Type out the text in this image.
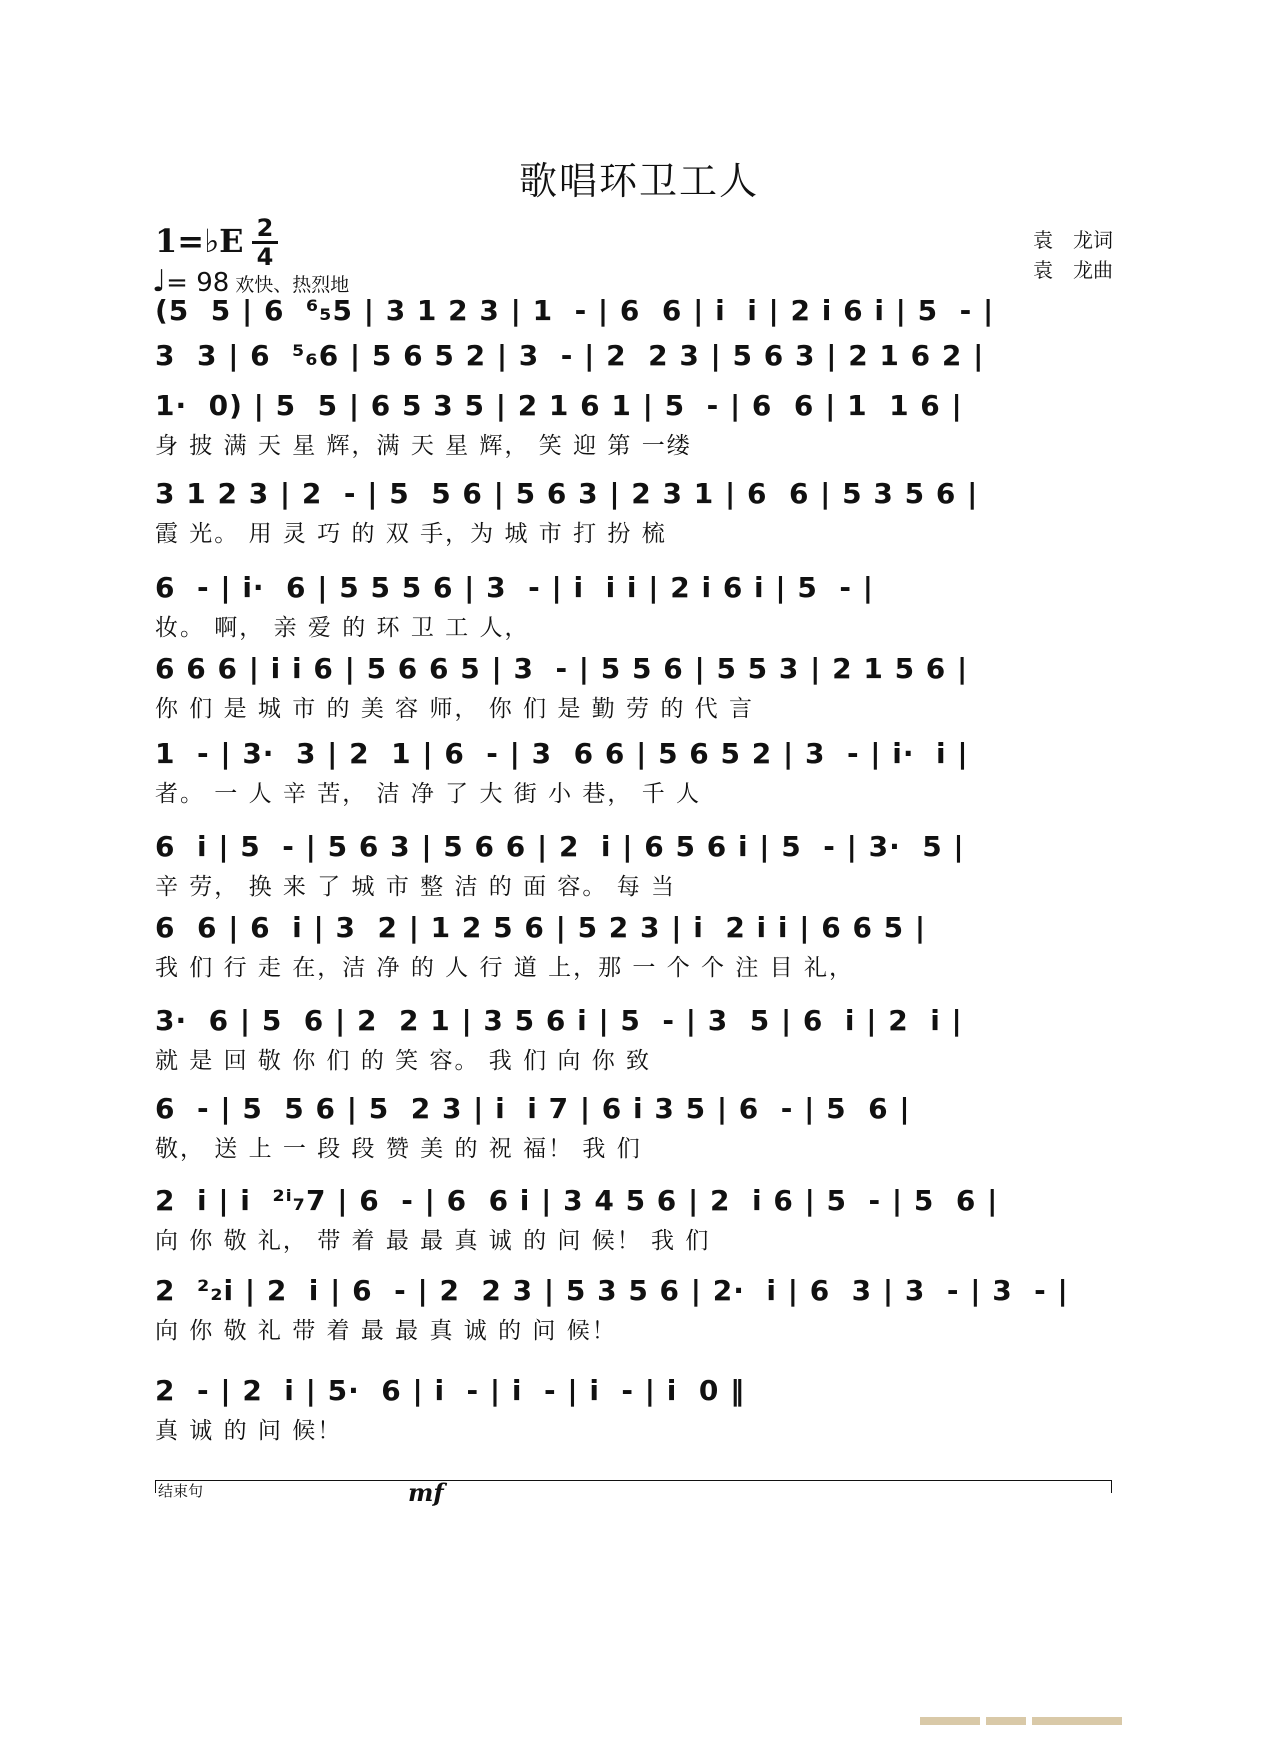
歌唱环卫工人
1=♭E 2
4
♩= 98 欢快、热烈地
袁　龙词
袁　龙曲
(5  5 | 6  ⁶₅5 | 3 1 2 3 | 1  - | 6  6 | i  i | 2 i 6 i | 5  - |
3  3 | 6  ⁵₆6 | 5 6 5 2 | 3  - | 2  2 3 | 5 6 3 | 2 1 6 2 |
1·  0) | 5  5 | 6 5 3 5 | 2 1 6 1 | 5  - | 6  6 | 1  1 6 |
身 披 满 天 星 辉，满 天 星 辉， 笑 迎 第 一缕
3 1 2 3 | 2  - | 5  5 6 | 5 6 3 | 2 3 1 | 6  6 | 5 3 5 6 |
霞 光。 用 灵 巧 的 双 手，为 城 市 打 扮 梳
6  - | i·  6 | 5 5 5 6 | 3  - | i  i i | 2 i 6 i | 5  - |
妆。 啊， 亲 爱 的 环 卫 工 人，
6 6 6 | i i 6 | 5 6 6 5 | 3  - | 5 5 6 | 5 5 3 | 2 1 5 6 |
你 们 是 城 市 的 美 容 师， 你 们 是 勤 劳 的 代 言
1  - | 3·  3 | 2  1 | 6  - | 3  6 6 | 5 6 5 2 | 3  - | i·  i |
者。 一 人 辛 苦， 洁 净 了 大 街 小 巷， 千 人
6  i | 5  - | 5 6 3 | 5 6 6 | 2  i | 6 5 6 i | 5  - | 3·  5 |
辛 劳， 换 来 了 城 市 整 洁 的 面 容。 每 当
6  6 | 6  i | 3  2 | 1 2 5 6 | 5 2 3 | i  2 i i | 6 6 5 |
我 们 行 走 在，洁 净 的 人 行 道 上，那 一 个 个 注 目 礼，
3·  6 | 5  6 | 2  2 1 | 3 5 6 i | 5  - | 3  5 | 6  i | 2  i |
就 是 回 敬 你 们 的 笑 容。 我 们 向 你 致
6  - | 5  5 6 | 5  2 3 | i  i 7 | 6 i 3 5 | 6  - | 5  6 |
敬， 送 上 一 段 段 赞 美 的 祝 福！ 我 们
2  i | i  ²ⁱ₇7 | 6  - | 6  6 i | 3 4 5 6 | 2  i 6 | 5  - | 5  6 |
向 你 敬 礼， 带 着 最 最 真 诚 的 问 候！ 我 们
2  ²₂i | 2  i | 6  - | 2  2 3 | 5 3 5 6 | 2·  i | 6  3 | 3  - | 3  - |
向 你 敬 礼 带 着 最 最 真 诚 的 问 候！
2  - | 2  i | 5·  6 | i  - | i  - | i  - | i  0 ‖
真 诚 的 问 候！
结束句	mf
